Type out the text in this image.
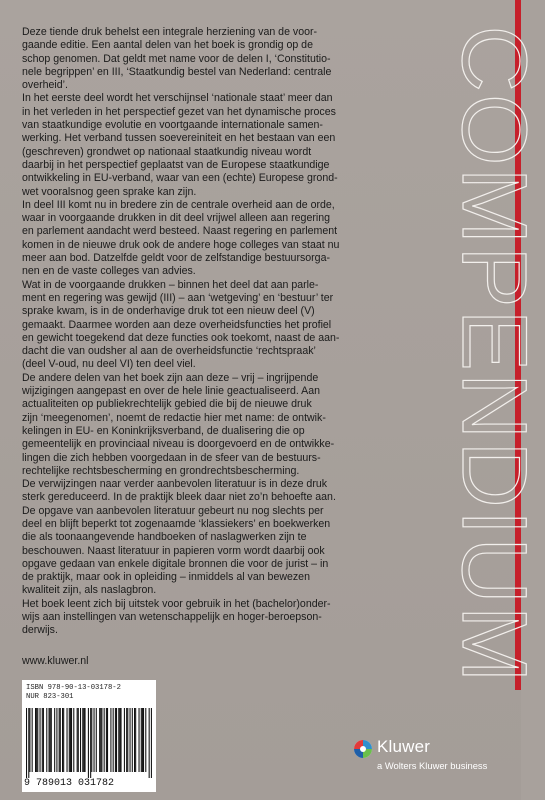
COMPENDIUM

Deze tiende druk behelst een integrale herziening van de voor-

gaande editie. Een aantal delen van het boek is grondig op de

schop genomen. Dat geldt met name voor de delen I, ‘Constitutio-

nele begrippen’ en III, ‘Staatkundig bestel van Nederland: centrale

overheid’.

In het eerste deel wordt het verschijnsel ‘nationale staat’ meer dan

in het verleden in het perspectief gezet van het dynamische proces

van staatkundige evolutie en voortgaande internationale samen-

werking. Het verband tussen soevereiniteit en het bestaan van een

(geschreven) grondwet op nationaal staatkundig niveau wordt

daarbij in het perspectief geplaatst van de Europese staatkundige

ontwikkeling in EU-verband, waar van een (echte) Europese grond-

wet vooralsnog geen sprake kan zijn.

In deel III komt nu in bredere zin de centrale overheid aan de orde,

waar in voorgaande drukken in dit deel vrijwel alleen aan regering

en parlement aandacht werd besteed. Naast regering en parlement

komen in de nieuwe druk ook de andere hoge colleges van staat nu

meer aan bod. Datzelfde geldt voor de zelfstandige bestuursorga-

nen en de vaste colleges van advies.

Wat in de voorgaande drukken – binnen het deel dat aan parle-

ment en regering was gewijd (III) – aan ‘wetgeving’ en ‘bestuur’ ter

sprake kwam, is in de onderhavige druk tot een nieuw deel (V)

gemaakt. Daarmee worden aan deze overheidsfuncties het profiel

en gewicht toegekend dat deze functies ook toekomt, naast de aan-

dacht die van oudsher al aan de overheidsfunctie ‘rechtspraak’

(deel V-oud, nu deel VI) ten deel viel.

De andere delen van het boek zijn aan deze – vrij – ingrijpende

wijzigingen aangepast en over de hele linie geactualiseerd. Aan

actualiteiten op publiekrechtelijk gebied die bij de nieuwe druk

zijn ‘meegenomen’, noemt de redactie hier met name: de ontwik-

kelingen in EU- en Koninkrijksverband, de dualisering die op

gemeentelijk en provinciaal niveau is doorgevoerd en de ontwikke-

lingen die zich hebben voorgedaan in de sfeer van de bestuurs-

rechtelijke rechtsbescherming en grondrechtsbescherming.

De verwijzingen naar verder aanbevolen literatuur is in deze druk

sterk gereduceerd. In de praktijk bleek daar niet zo’n behoefte aan.

De opgave van aanbevolen literatuur gebeurt nu nog slechts per

deel en blijft beperkt tot zogenaamde ‘klassiekers’ en boekwerken

die als toonaangevende handboeken of naslagwerken zijn te

beschouwen. Naast literatuur in papieren vorm wordt daarbij ook

opgave gedaan van enkele digitale bronnen die voor de jurist – in

de praktijk, maar ook in opleiding – inmiddels al van bewezen

kwaliteit zijn, als naslagbron.

Het boek leent zich bij uitstek voor gebruik in het (bachelor)onder-

wijs aan instellingen van wetenschappelijk en hoger-beroepson-

derwijs.

www.kluwer.nl
ISBN 978-90-13-03178-2
NUR 823-301
9 789013 031782
Kluwer
a Wolters Kluwer business
